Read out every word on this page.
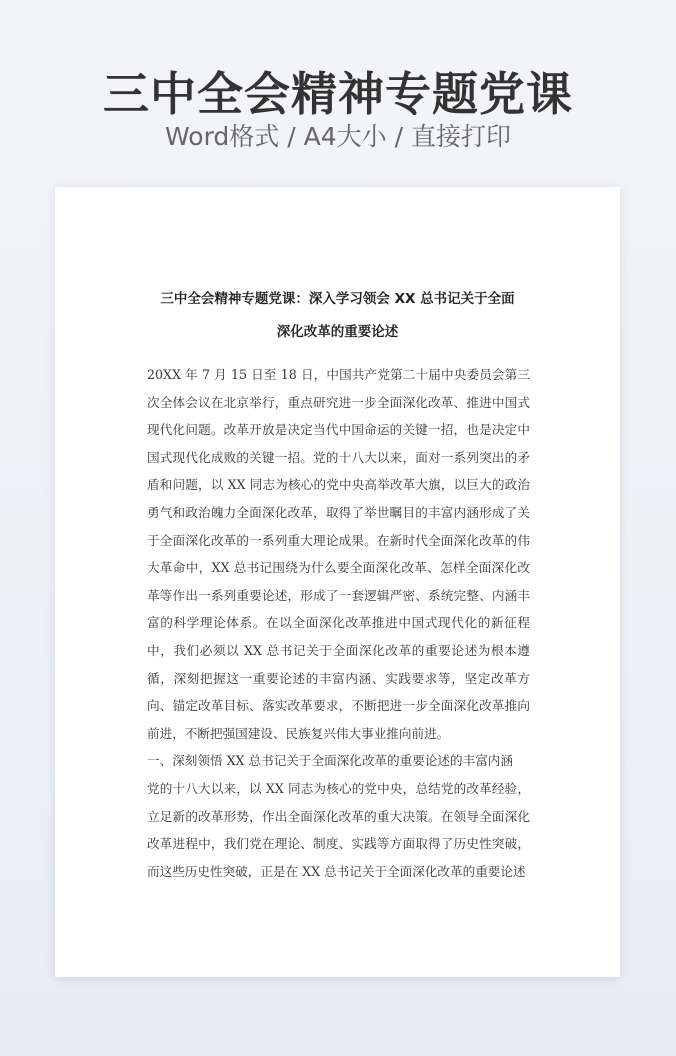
三中全会精神专题党课
Word格式 / A4大小 / 直接打印
三中全会精神专题党课：深入学习领会 XX 总书记关于全面
深化改革的重要论述

20XX 年 7 月 15 日至 18 日，中国共产党第二十届中央委员会第三次全体会议在北京举行，重点研究进一步全面深化改革、推进中国式现代化问题。改革开放是决定当代中国命运的关键一招，也是决定中国式现代化成败的关键一招。党的十八大以来，面对一系列突出的矛盾和问题，以 XX 同志为核心的党中央高举改革大旗，以巨大的政治勇气和政治魄力全面深化改革，取得了举世瞩目的丰富内涵形成了关于全面深化改革的一系列重大理论成果。在新时代全面深化改革的伟大革命中，XX 总书记围绕为什么要全面深化改革、怎样全面深化改革等作出一系列重要论述，形成了一套逻辑严密、系统完整、内涵丰富的科学理论体系。在以全面深化改革推进中国式现代化的新征程中，我们必须以 XX 总书记关于全面深化改革的重要论述为根本遵循，深刻把握这一重要论述的丰富内涵、实践要求等，坚定改革方向、锚定改革目标、落实改革要求，不断把进一步全面深化改革推向前进，不断把强国建设、民族复兴伟大事业推向前进。

一、深刻领悟 XX 总书记关于全面深化改革的重要论述的丰富内涵

党的十八大以来，以 XX 同志为核心的党中央，总结党的改革经验，立足新的改革形势，作出全面深化改革的重大决策。在领导全面深化改革进程中，我们党在理论、制度、实践等方面取得了历史性突破，而这些历史性突破，正是在 XX 总书记关于全面深化改革的重要论述
